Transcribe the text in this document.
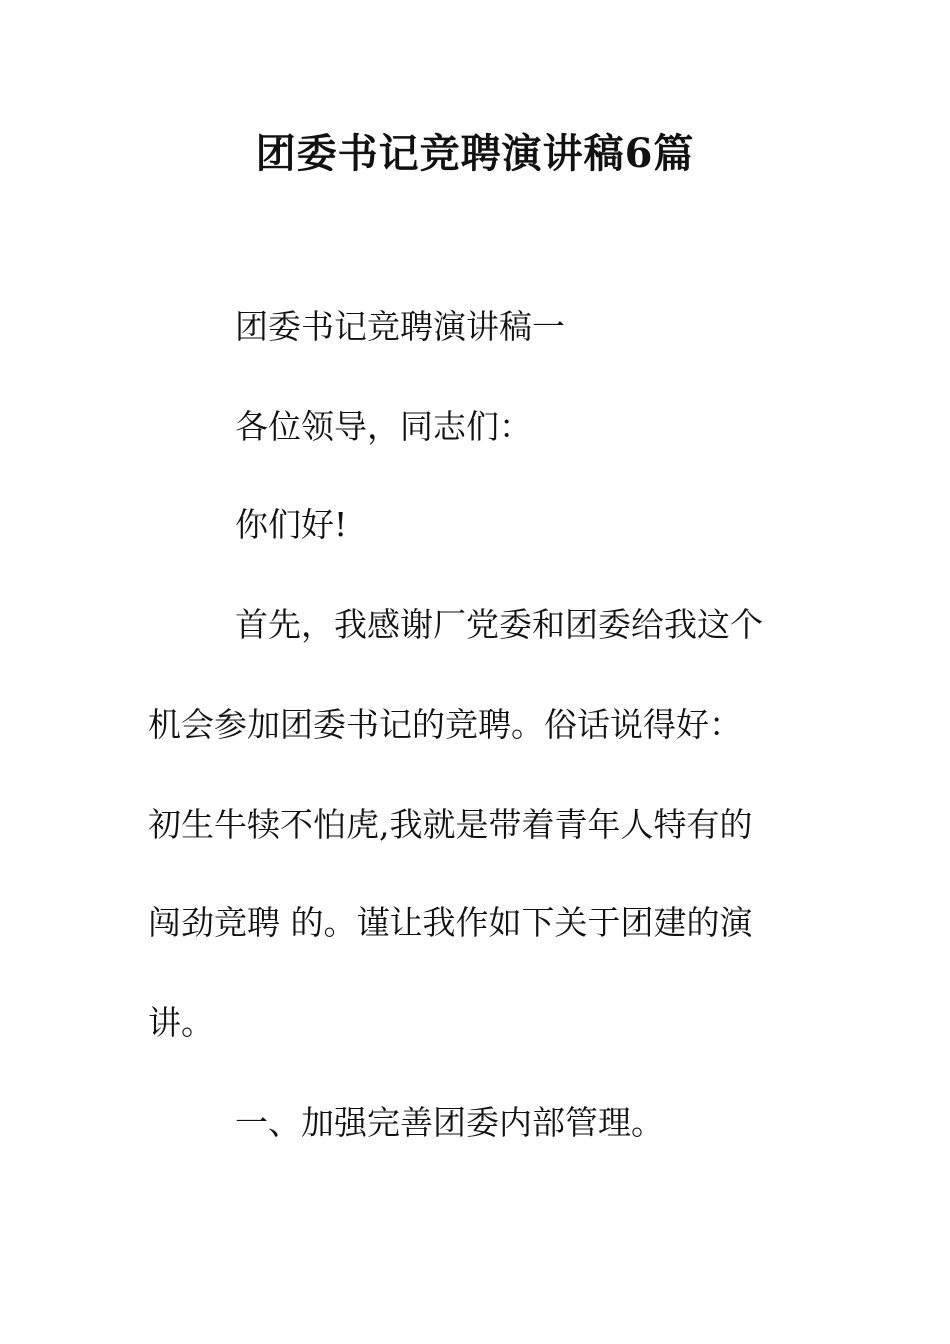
团委书记竞聘演讲稿6篇
团委书记竞聘演讲稿一
各位领导，同志们：
你们好!
首先，我感谢厂党委和团委给我这个
机会参加团委书记的竞聘。俗话说得好：
初生牛犊不怕虎,我就是带着青年人特有的
闯劲竞聘 的。谨让我作如下关于团建的演
讲。
一、加强完善团委内部管理。
